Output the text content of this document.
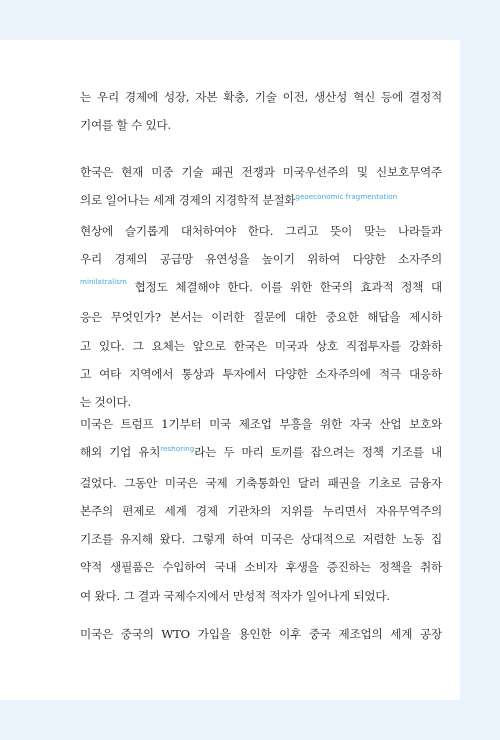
는 우리 경제에 성장, 자본 확충, 기술 이전, 생산성 혁신 등에 결정적
기여를 할 수 있다.
한국은 현재 미중 기술 패권 전쟁과 미국우선주의 및 신보호무역주
의로 일어나는 세계 경제의 지경학적 분절화$^{geoeconomic fragmentation}$
현상에 슬기롭게 대처하여야 한다. 그리고 뜻이 맞는 나라들과
우리 경제의 공급망 유연성을 높이기 위하여 다양한 소자주의
$^{minilatralism}$ 협정도 체결해야 한다. 이를 위한 한국의 효과적 정책 대
응은 무엇인가? 본서는 이러한 질문에 대한 중요한 해답을 제시하
고 있다. 그 요체는 앞으로 한국은 미국과 상호 직접투자를 강화하
고 여타 지역에서 통상과 투자에서 다양한 소자주의에 적극 대응하
는 것이다.
미국은 트럼프 1기부터 미국 제조업 부흥을 위한 자국 산업 보호와
해외 기업 유치$^{reshoring}$라는 두 마리 토끼를 잡으려는 정책 기조를 내
걸었다. 그동안 미국은 국제 기축통화인 달러 패권을 기초로 금융자
본주의 편제로 세계 경제 기관차의 지위를 누리면서 자유무역주의
기조를 유지해 왔다. 그렇게 하여 미국은 상대적으로 저렴한 노동 집
약적 생필품은 수입하여 국내 소비자 후생을 증진하는 정책을 취하
여 왔다. 그 결과 국제수지에서 만성적 적자가 일어나게 되었다.
미국은 중국의 WTO 가입을 용인한 이후 중국 제조업의 세계 공장
